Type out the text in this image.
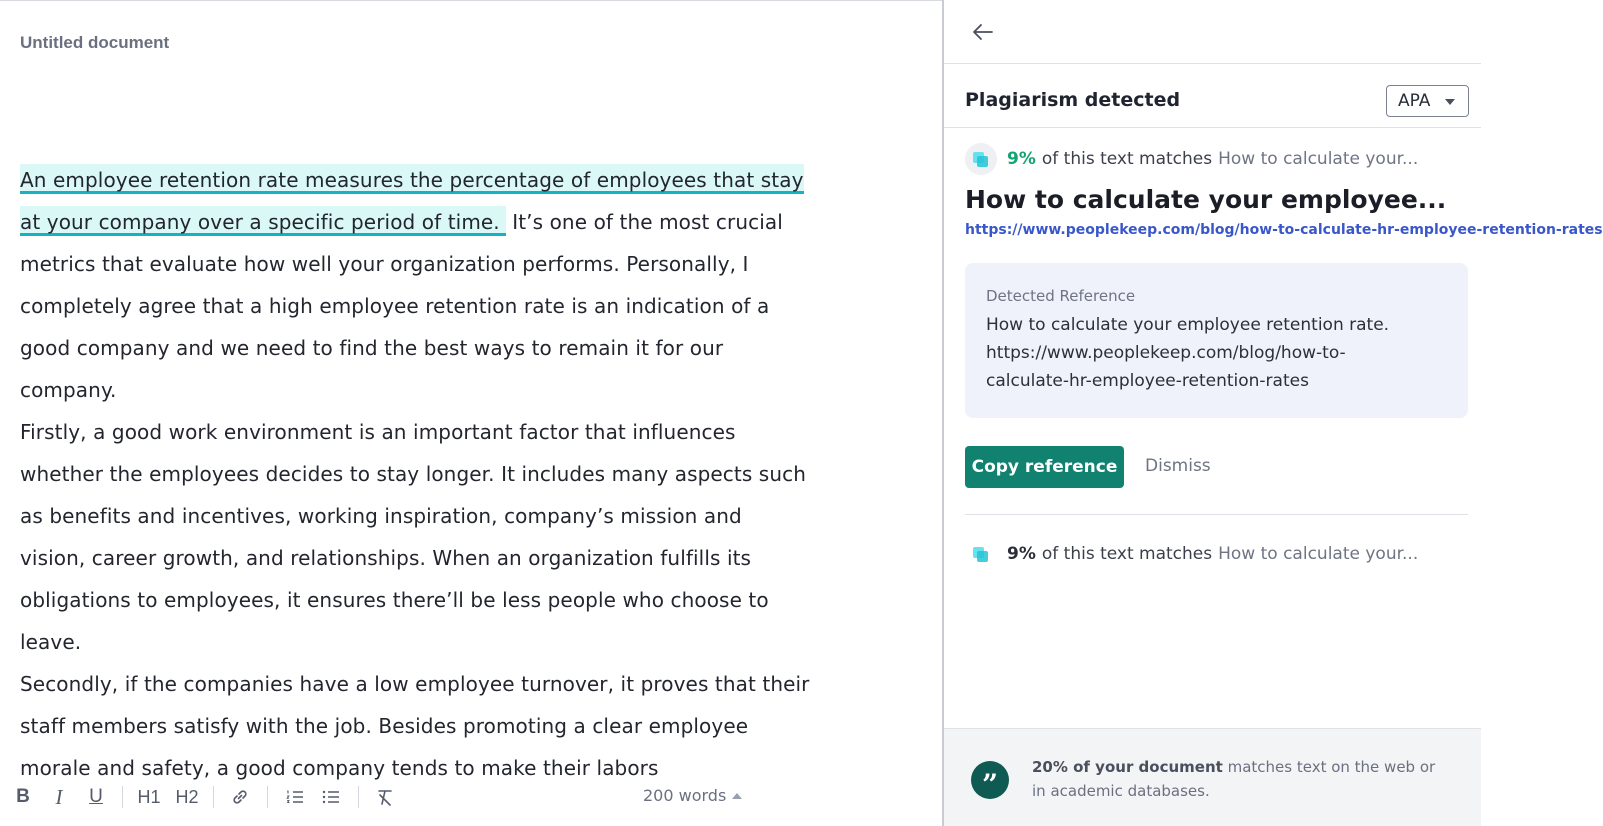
Untitled document

An employee retention rate measures the percentage of employees that stay at your company over a specific period of time. It’s one of the most crucial metrics that evaluate how well your organization performs. Personally, I completely agree that a high employee retention rate is an indication of a good company and we need to find the best ways to remain it for our company.

Firstly, a good work environment is an important factor that influences whether the employees decides to stay longer. It includes many aspects such as benefits and incentives, working inspiration, company’s mission and vision, career growth, and relationships. When an organization fulfills its obligations to employees, it ensures there’ll be less people who choose to leave.

Secondly, if the companies have a low employee turnover, it proves that their staff members satisfy with the job. Besides promoting a clear employee morale and safety, a good company tends to make their labors

B	I	U H1 H2	200 words
Plagiarism detected	APA
9% of this text matches How to calculate your...
How to calculate your employee...
https://www.peoplekeep.com/blog/how-to-calculate-hr-employee-retention-rates
Detected Reference
How to calculate your employee retention rate. https://www.peoplekeep.com/blog/how-to-calculate-hr-employee-retention-rates
Copy reference	Dismiss
9% of this text matches How to calculate your...
”
20% of your document matches text on the web or in academic databases.
